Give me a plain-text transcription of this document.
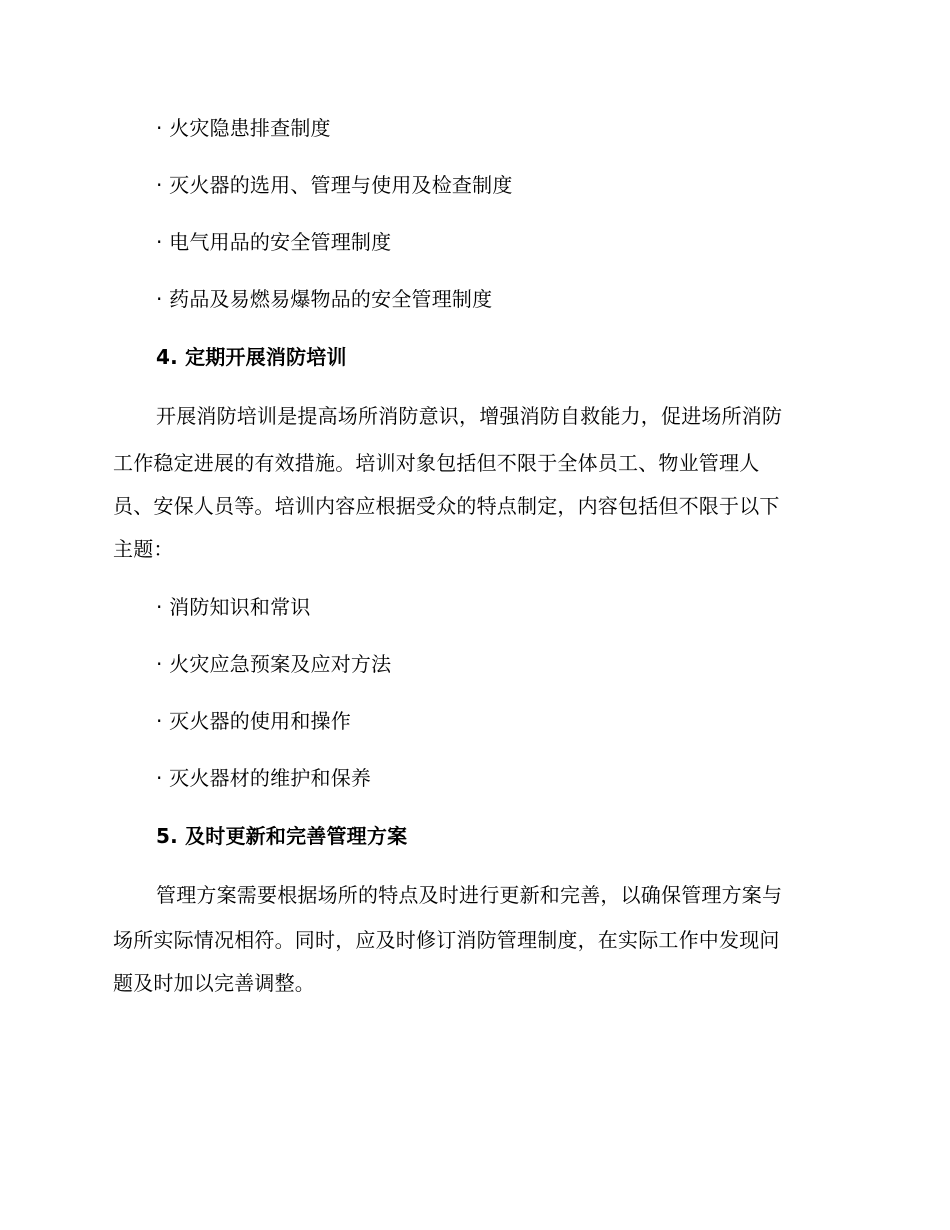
· 火灾隐患排查制度
· 灭火器的选用、管理与使用及检查制度
· 电气用品的安全管理制度
· 药品及易燃易爆物品的安全管理制度
4. 定期开展消防培训
开展消防培训是提高场所消防意识，增强消防自救能力，促进场所消防
工作稳定进展的有效措施。培训对象包括但不限于全体员工、物业管理人
员、安保人员等。培训内容应根据受众的特点制定，内容包括但不限于以下
主题：
· 消防知识和常识
· 火灾应急预案及应对方法
· 灭火器的使用和操作
· 灭火器材的维护和保养
5. 及时更新和完善管理方案
管理方案需要根据场所的特点及时进行更新和完善，以确保管理方案与
场所实际情况相符。同时，应及时修订消防管理制度，在实际工作中发现问
题及时加以完善调整。
